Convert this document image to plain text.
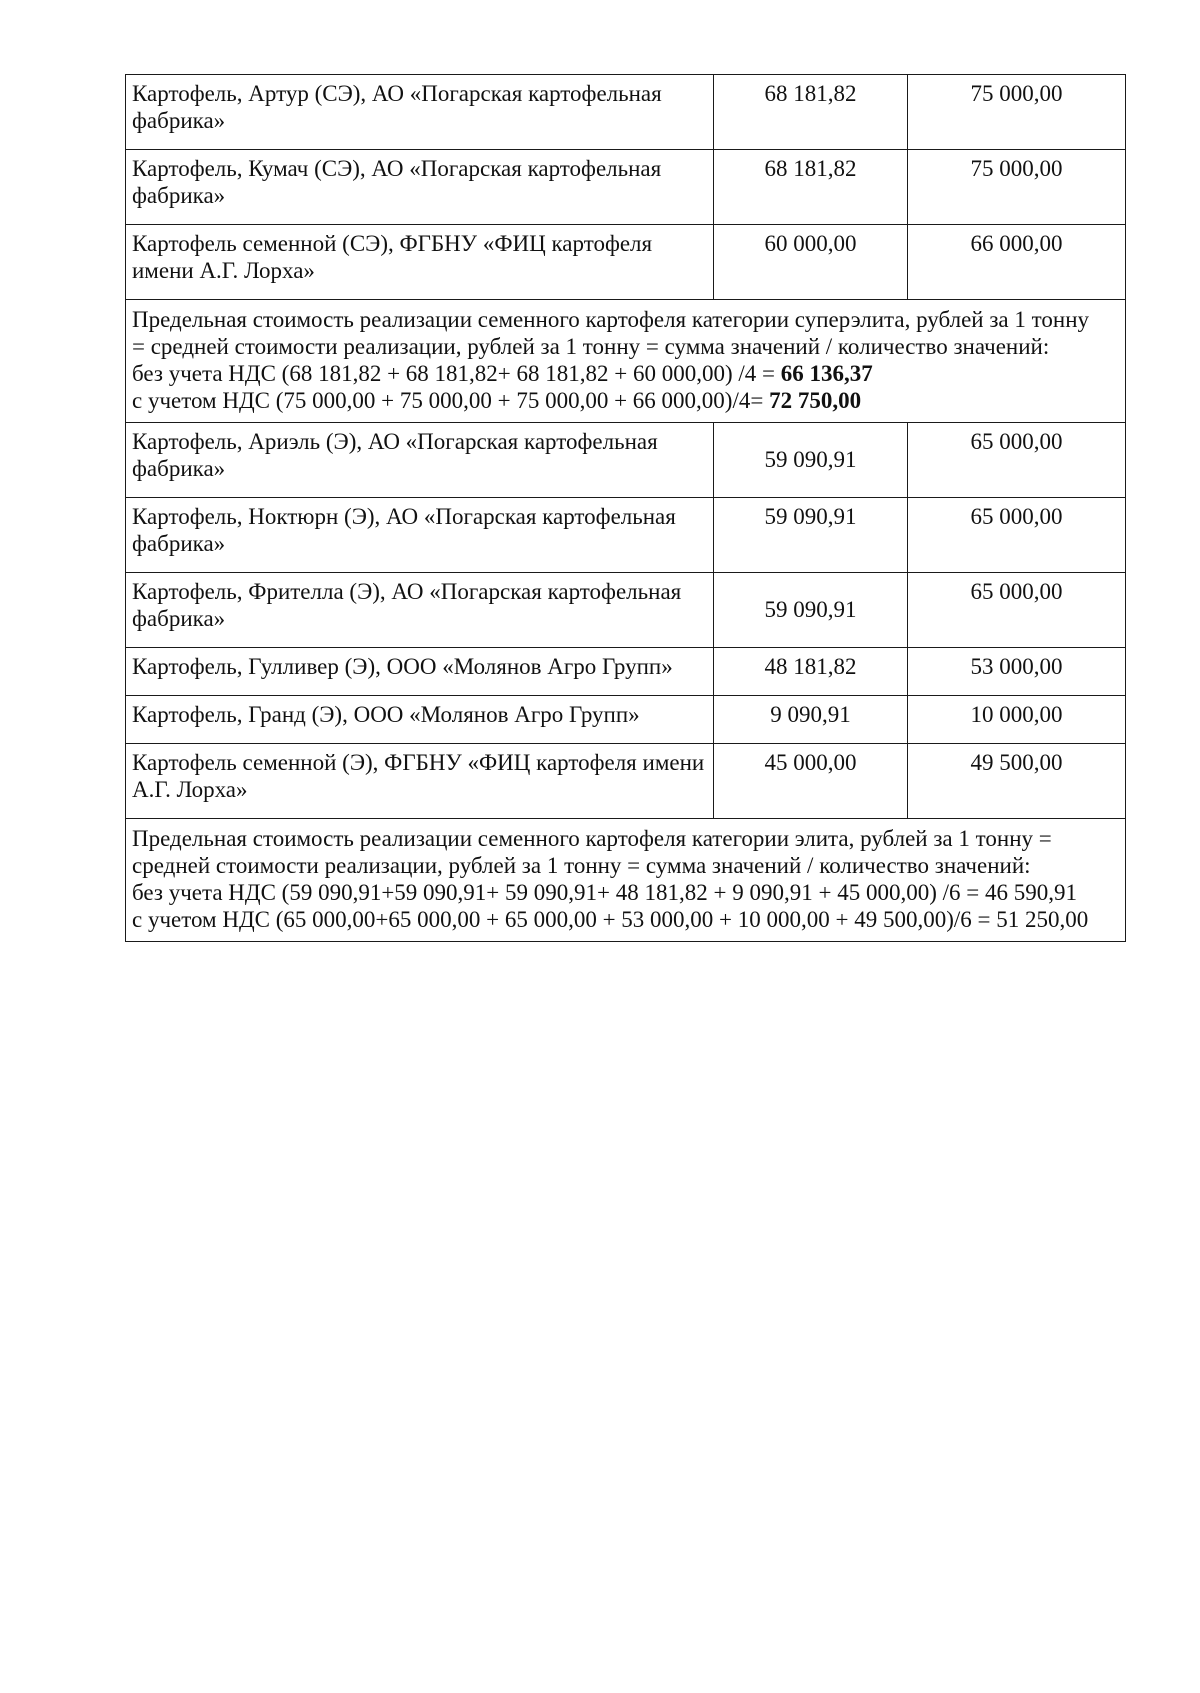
Картофель, Артур (СЭ), АО «Погарская картофельная фабрика»	68 181,82	75 000,00
Картофель, Кумач (СЭ), АО «Погарская картофельная фабрика»	68 181,82	75 000,00
Картофель семенной (СЭ), ФГБНУ «ФИЦ картофеля имени А.Г. Лорха»	60 000,00	66 000,00

Предельная стоимость реализации семенного картофеля категории суперэлита, рублей за 1 тонну
= средней стоимости реализации, рублей за 1 тонну = сумма значений / количество значений:
без учета НДС (68 181,82 + 68 181,82+ 68 181,82 + 60 000,00) /4 = 66 136,37
с учетом НДС (75 000,00 + 75 000,00 + 75 000,00 + 66 000,00)/4= 72 750,00		

Картофель, Ариэль (Э), АО «Погарская картофельная фабрика»	59 090,91	65 000,00
Картофель, Ноктюрн (Э), АО «Погарская картофельная фабрика»	59 090,91	65 000,00
Картофель, Фрителла (Э), АО «Погарская картофельная фабрика»	59 090,91	65 000,00
Картофель, Гулливер (Э), ООО «Молянов Агро Групп»	48 181,82	53 000,00
Картофель, Гранд (Э), ООО «Молянов Агро Групп»	9 090,91	10 000,00
Картофель семенной (Э), ФГБНУ «ФИЦ картофеля имени А.Г. Лорха»	45 000,00	49 500,00

Предельная стоимость реализации семенного картофеля категории элита, рублей за 1 тонну =
средней стоимости реализации, рублей за 1 тонну = сумма значений / количество значений:
без учета НДС (59 090,91+59 090,91+ 59 090,91+ 48 181,82 + 9 090,91 + 45 000,00) /6 = 46 590,91
с учетом НДС (65 000,00+65 000,00 + 65 000,00 + 53 000,00 + 10 000,00 + 49 500,00)/6 = 51 250,00		
